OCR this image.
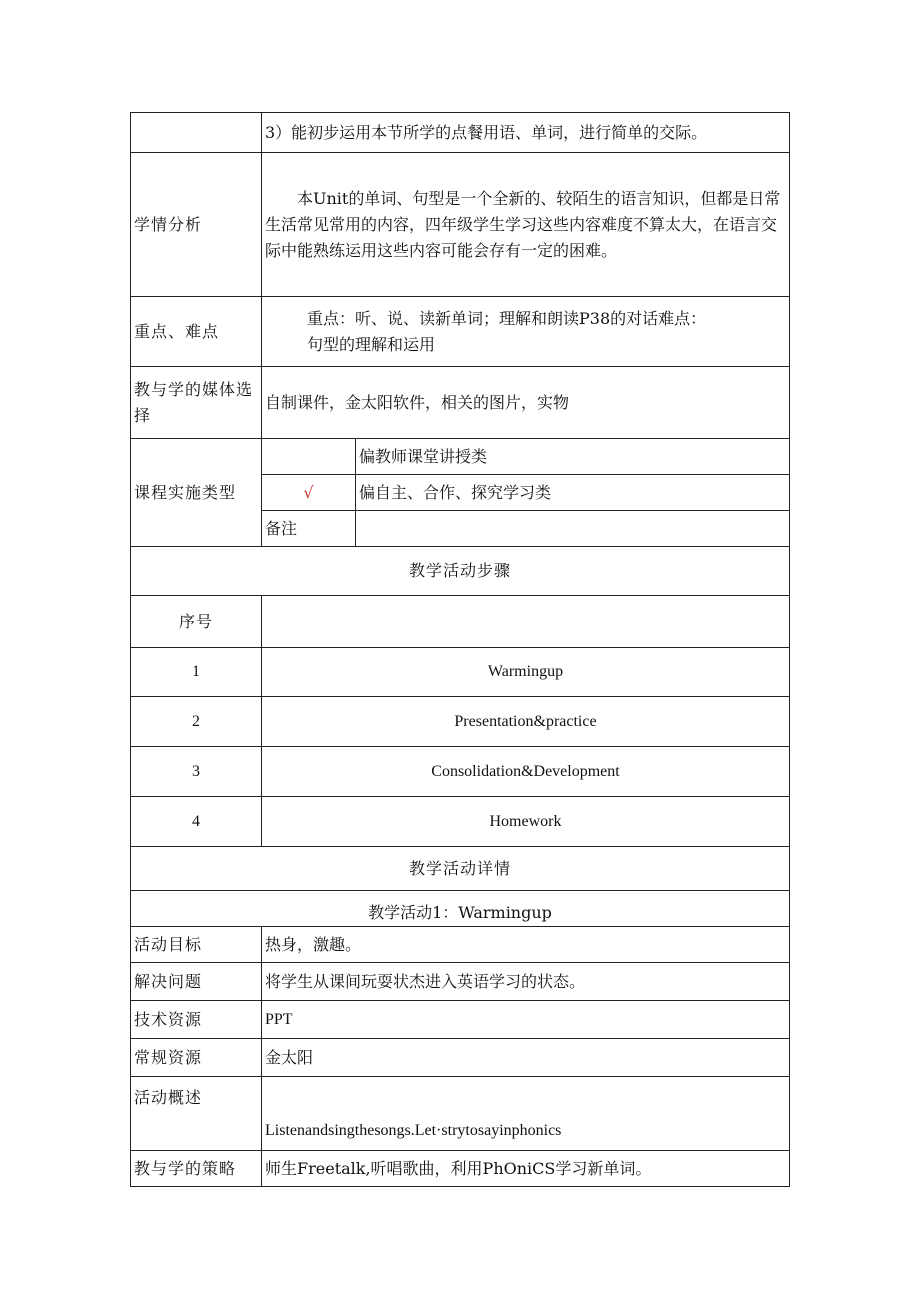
	3）能初步运用本节所学的点餐用语、单词，进行简单的交际。	
学情分析	本Unit的单词、句型是一个全新的、较陌生的语言知识，但都是日常生活常见常用的内容，四年级学生学习这些内容难度不算太大，在语言交际中能熟练运用这些内容可能会存有一定的困难。	
重点、难点	重点：听、说、读新单词；理解和朗读P38的对话难点：

句型的理解和运用	

教与学的媒体选择	自制课件，金太阳软件，相关的图片，实物	
课程实施类型		偏教师课堂讲授类
	√	偏自主、合作、探究学习类
	备注	
教学活动步骤		
序号		
1	Warmingup	
2	Presentation&practice	
3	Consolidation&Development	
4	Homework	
教学活动详情		
教学活动1：Warmingup		
活动目标	热身，激趣。	
解决问题	将学生从课间玩耍状杰进入英语学习的状态。	
技术资源	PPT	
常规资源	金太阳	
活动概述	Listenandsingthesongs.Let·strytosayinphonics	
教与学的策略	师生Freetalk,听唱歌曲，利用PhOniCS学习新单词。	
